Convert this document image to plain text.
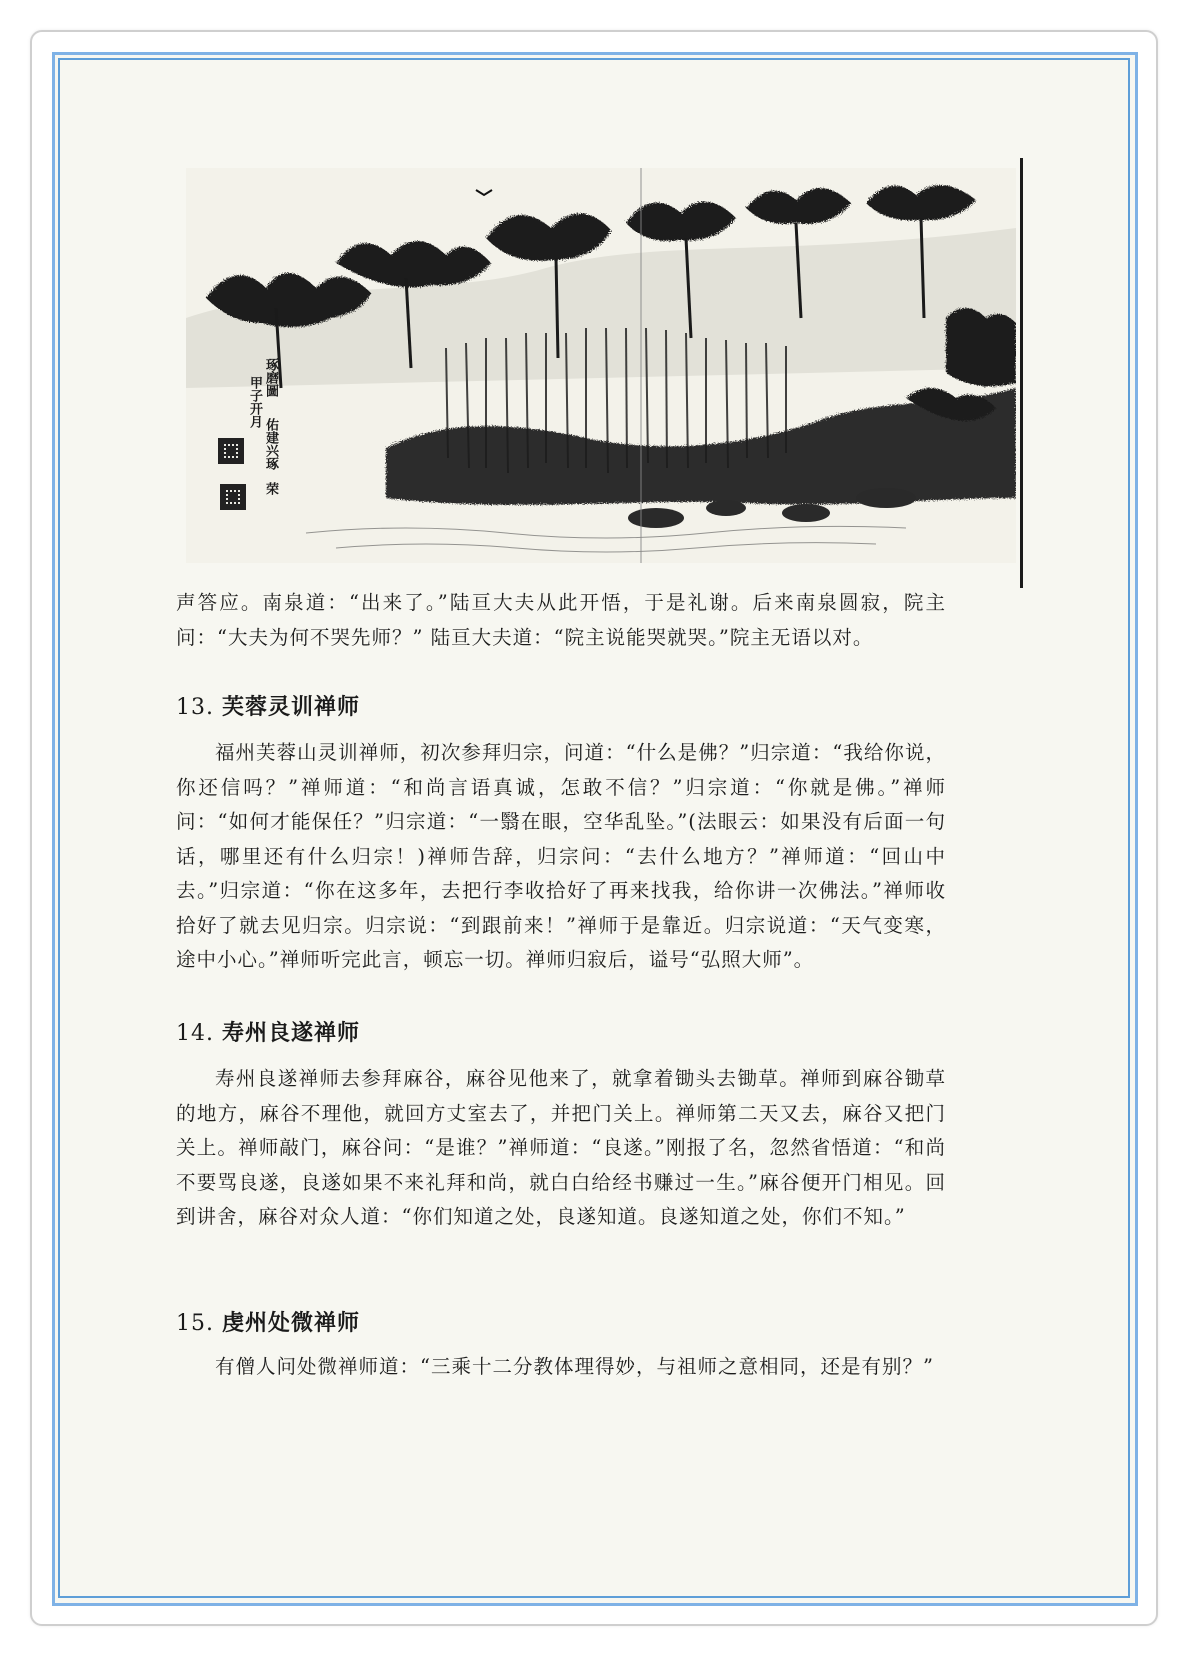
琢磨圖
甲子开月
佑建兴琢
荣

声答应。南泉道：“出来了。”陆亘大夫从此开悟，于是礼谢。后来南泉圆寂，院主问：“大夫为何不哭先师？” 陆亘大夫道：“院主说能哭就哭。”院主无语以对。

13. 芙蓉灵训禅师

福州芙蓉山灵训禅师，初次参拜归宗，问道：“什么是佛？”归宗道：“我给你说，你还信吗？”禅师道：“和尚言语真诚，怎敢不信？”归宗道：“你就是佛。”禅师问：“如何才能保任？”归宗道：“一翳在眼，空华乱坠。”(法眼云：如果没有后面一句话，哪里还有什么归宗！)禅师告辞，归宗问：“去什么地方？”禅师道：“回山中去。”归宗道：“你在这多年，去把行李收拾好了再来找我，给你讲一次佛法。”禅师收拾好了就去见归宗。归宗说：“到跟前来！”禅师于是靠近。归宗说道：“天气变寒，途中小心。”禅师听完此言，顿忘一切。禅师归寂后，谥号“弘照大师”。

14. 寿州良遂禅师

寿州良遂禅师去参拜麻谷，麻谷见他来了，就拿着锄头去锄草。禅师到麻谷锄草的地方，麻谷不理他，就回方丈室去了，并把门关上。禅师第二天又去，麻谷又把门关上。禅师敲门，麻谷问：“是谁？”禅师道：“良遂。”刚报了名，忽然省悟道：“和尚不要骂良遂，良遂如果不来礼拜和尚，就白白给经书赚过一生。”麻谷便开门相见。回到讲舍，麻谷对众人道：“你们知道之处，良遂知道。良遂知道之处，你们不知。”

15. 虔州处微禅师

有僧人问处微禅师道：“三乘十二分教体理得妙，与祖师之意相同，还是有别？”
